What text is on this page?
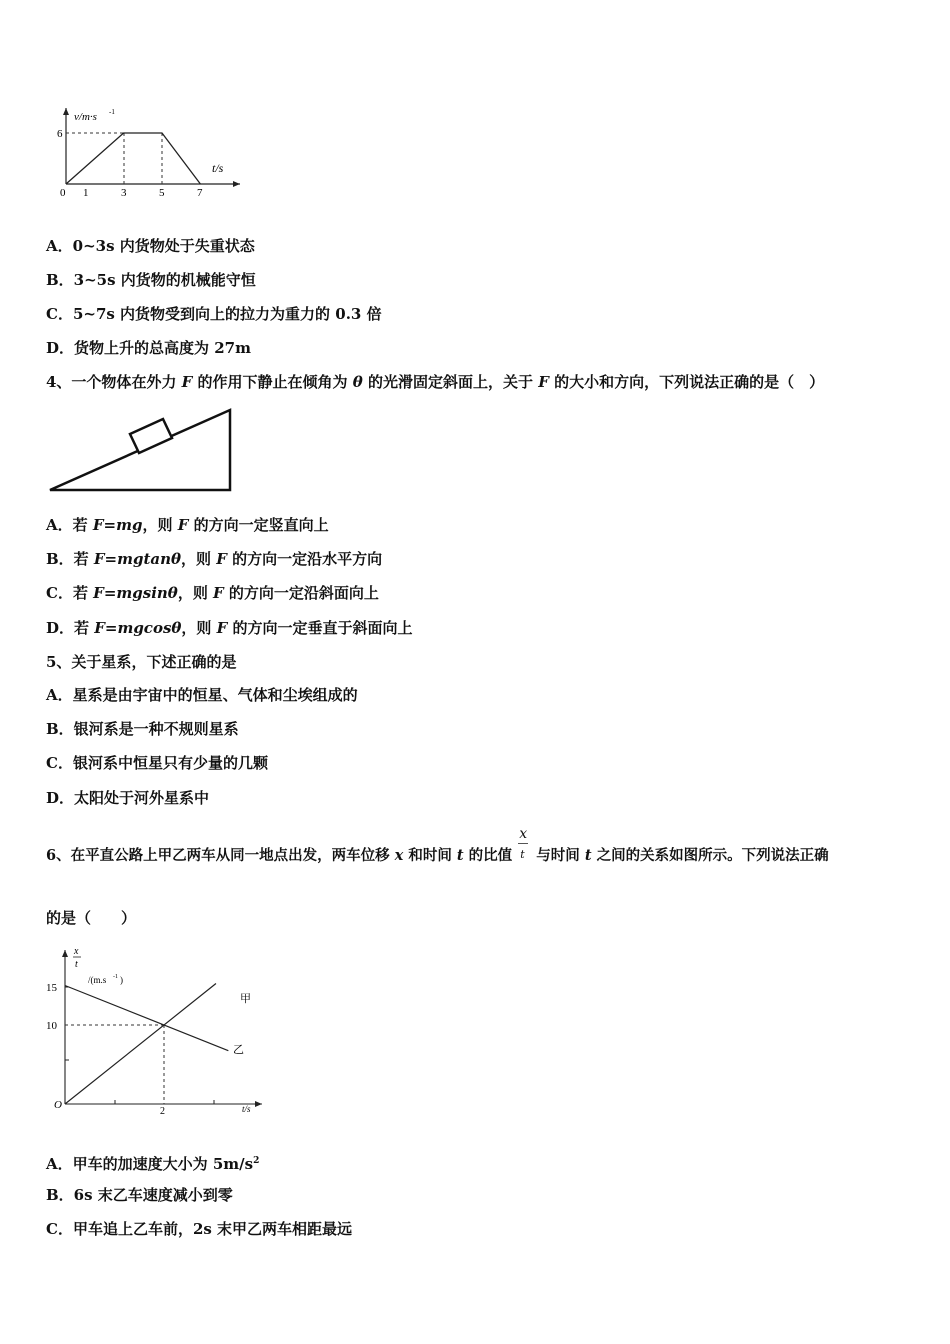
v/m·s -1
t/s
6
0 1	3	5	7
A．0~3s 内货物处于失重状态
B．3~5s 内货物的机械能守恒
C．5~7s 内货物受到向上的拉力为重力的 0.3 倍
D．货物上升的总高度为 27m
4、一个物体在外力 F 的作用下静止在倾角为 θ 的光滑固定斜面上，关于 F 的大小和方向，下列说法正确的是（　）
A．若 F=mg，则 F 的方向一定竖直向上
B．若 F=mgtanθ，则 F 的方向一定沿水平方向
C．若 F=mgsinθ，则 F 的方向一定沿斜面向上
D．若 F=mgcosθ，则 F 的方向一定垂直于斜面向上
5、关于星系，下述正确的是
A．星系是由宇宙中的恒星、气体和尘埃组成的
B．银河系是一种不规则星系
C．银河系中恒星只有少量的几颗
D．太阳处于河外星系中
6、在平直公路上甲乙两车从同一地点出发，两车位移 x 和时间 t 的比值 $\frac{x}{t}$ 与时间 t 之间的关系如图所示。下列说法正确
的是（　　）
x
t
/(m.s -1 )
15
10
O
2	t/s
甲
乙
A．甲车的加速度大小为 $5m/s^2$
B．6s 末乙车速度减小到零
C．甲车追上乙车前，2s 末甲乙两车相距最远
